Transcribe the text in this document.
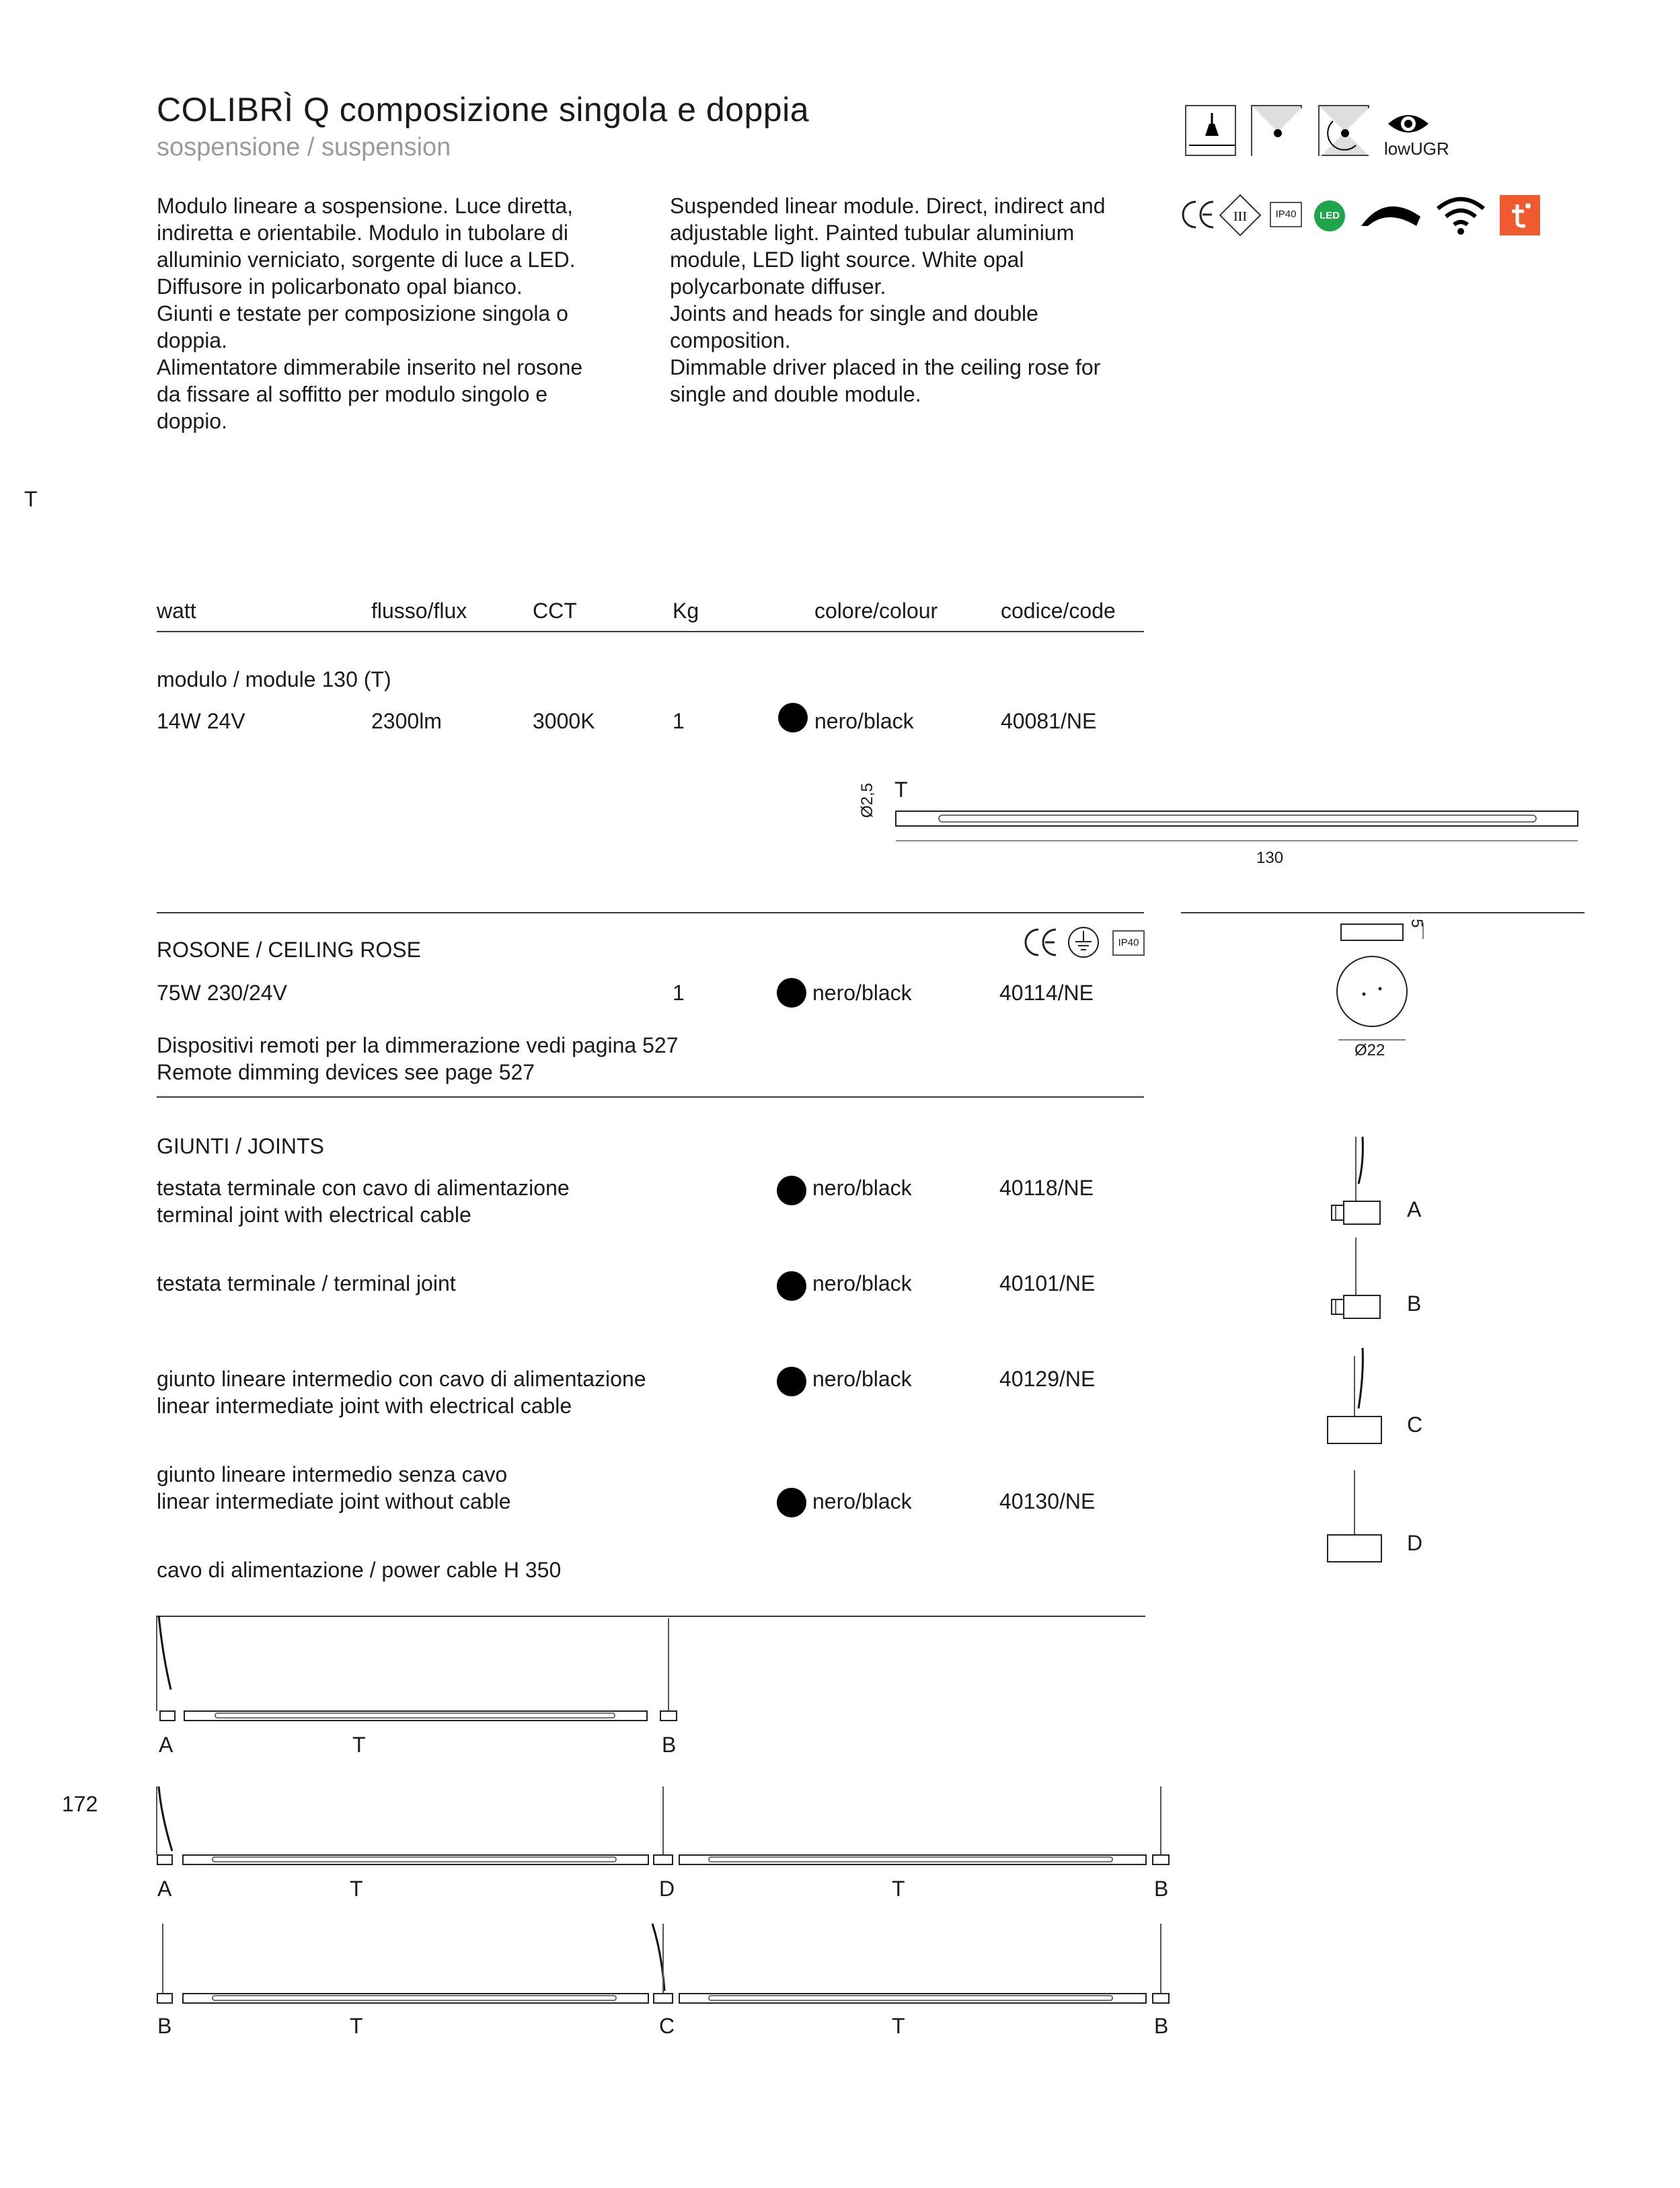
COLIBRÌ Q composizione singola e doppia
sospensione / suspension	lowUGR
III	IP40	LED
Modulo lineare a sospensione. Luce diretta,
indiretta e orientabile. Modulo in tubolare di
alluminio verniciato, sorgente di luce a LED.
Diffusore in policarbonato opal bianco.
Giunti e testate per composizione singola o
doppia.
Alimentatore dimmerabile inserito nel rosone
da fissare al soffitto per modulo singolo e
doppio.
Suspended linear module. Direct, indirect and
adjustable light. Painted tubular aluminium
module, LED light source. White opal
polycarbonate diffuser.
Joints and heads for single and double
composition.
Dimmable driver placed in the ceiling rose for
single and double module.
T
watt	flusso/flux	CCT	Kg	colore/colour	codice/code
modulo / module 130 (T)
14W 24V	2300lm	3000K	1	nero/black	40081/NE
T
Ø2,5
130
ROSONE / CEILING ROSE
75W 230/24V	1	nero/black	40114/NE
IP40
Dispositivi remoti per la dimmerazione vedi pagina 527
Remote dimming devices see page 527
5
Ø22
GIUNTI / JOINTS
testata terminale con cavo di alimentazione
terminal joint with electrical cable
nero/black	40118/NE
testata terminale / terminal joint	nero/black	40101/NE
giunto lineare intermedio con cavo di alimentazione
linear intermediate joint with electrical cable
nero/black	40129/NE
giunto lineare intermedio senza cavo
linear intermediate joint without cable	nero/black	40130/NE
cavo di alimentazione / power cable H 350
A
B
C
D
A	T	B
172
A	T	D	T	B
B	T	C	T	B
